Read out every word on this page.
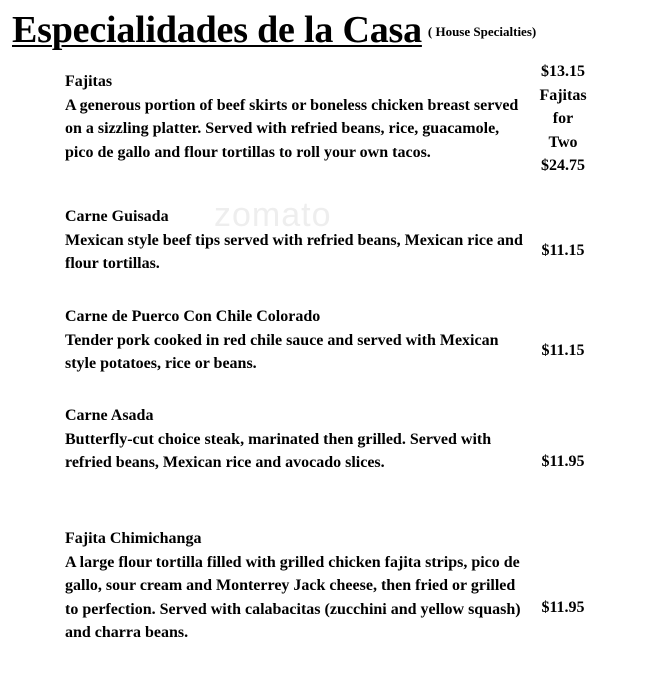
Especialidades de la Casa $^{( House Specialties)}$
zomato
Fajitas
A generous portion of beef skirts or boneless chicken breast served on a sizzling platter. Served with refried beans, rice, guacamole, pico de gallo and flour tortillas to roll your own tacos.
$13.15
Fajitas
for
Two
$24.75
Carne Guisada
Mexican style beef tips served with refried beans, Mexican rice and flour tortillas.
$11.15
Carne de Puerco Con Chile Colorado
Tender pork cooked in red chile sauce and served with Mexican style potatoes, rice or beans.
$11.15
Carne Asada
Butterfly-cut choice steak, marinated then grilled. Served with refried beans, Mexican rice and avocado slices.	$11.95
Fajita Chimichanga
A large flour tortilla filled with grilled chicken fajita strips, pico de gallo, sour cream and Monterrey Jack cheese, then fried or grilled to perfection. Served with calabacitas (zucchini and yellow squash) and charra beans.
$11.95
